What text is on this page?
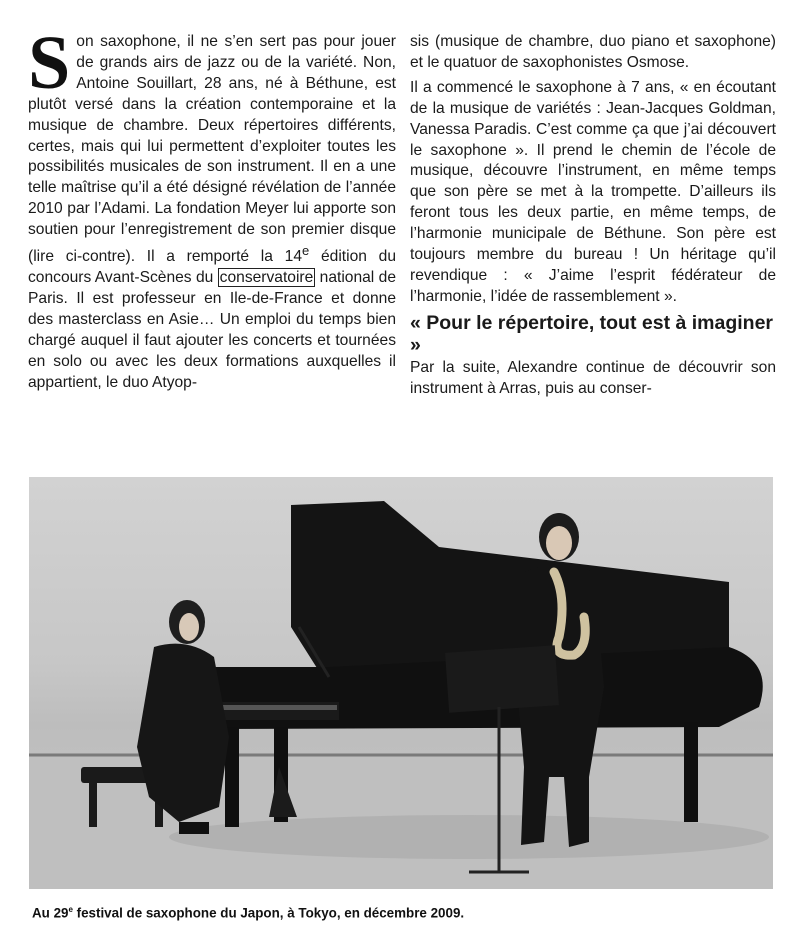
Son saxophone, il ne s’en sert pas pour jouer de grands airs de jazz ou de la variété. Non, Antoine Souillart, 28 ans, né à Béthune, est plutôt versé dans la création contemporaine et la musique de chambre. Deux répertoires différents, certes, mais qui lui permettent d’exploiter toutes les possibilités musicales de son instrument. Il en a une telle maîtrise qu’il a été désigné révélation de l’année 2010 par l’Adami. La fondation Meyer lui apporte son soutien pour l’enregistrement de son premier disque (lire ci-contre). Il a remporté la 14e édition du concours Avant-Scènes du conservatoire national de Paris. Il est professeur en Ile-de-France et donne des masterclass en Asie… Un emploi du temps bien chargé auquel il faut ajouter les concerts et tournées en solo ou avec les deux formations auxquelles il appartient, le duo Atyop-

sis (musique de chambre, duo piano et saxophone) et le quatuor de saxophonistes Osmose.

Il a commencé le saxophone à 7 ans, « en écoutant de la musique de variétés : Jean-Jacques Goldman, Vanessa Paradis. C’est comme ça que j’ai découvert le saxophone ». Il prend le chemin de l’école de musique, découvre l’instrument, en même temps que son père se met à la trompette. D’ailleurs ils feront tous les deux partie, en même temps, de l’harmonie municipale de Béthune. Son père est toujours membre du bureau ! Un héritage qu’il revendique : « J’aime l’esprit fédérateur de l’harmonie, l’idée de rassemblement ».

« Pour le répertoire, tout est à imaginer »

Par la suite, Alexandre continue de découvrir son instrument à Arras, puis au conser-

Au 29e festival de saxophone du Japon, à Tokyo, en décembre 2009.
